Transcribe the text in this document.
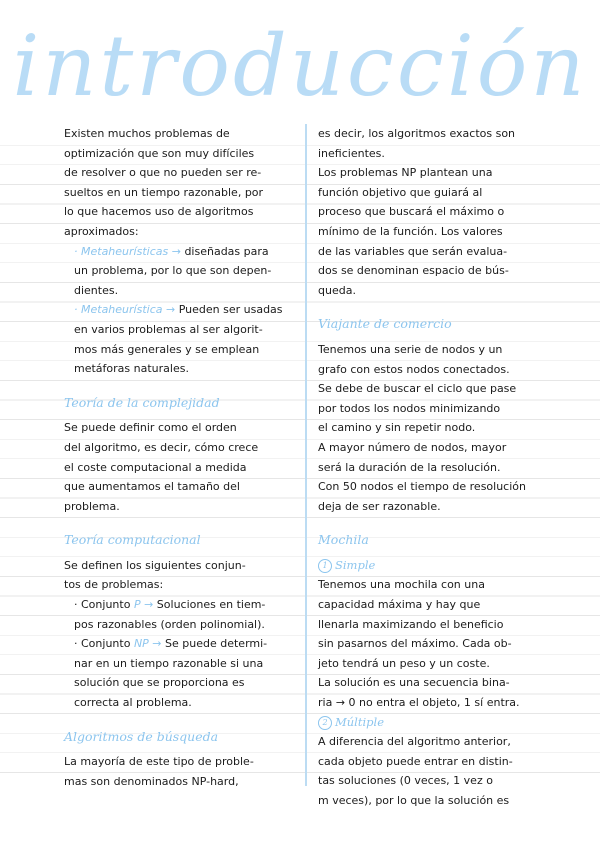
introducción

Existen muchos problemas de
optimización que son muy difíciles
de resolver o que no pueden ser re-
sueltos en un tiempo razonable, por
lo que hacemos uso de algoritmos
aproximados:

· Metaheurísticas → diseñadas para
un problema, por lo que son depen-
dientes.

· Metaheurística → Pueden ser usadas
en varios problemas al ser algorit-
mos más generales y se emplean
metáforas naturales.

Teoría de la complejidad

Se puede definir como el orden
del algoritmo, es decir, cómo crece
el coste computacional a medida
que aumentamos el tamaño del
problema.

Teoría computacional

Se definen los siguientes conjun-
tos de problemas:

· Conjunto P → Soluciones en tiem-
pos razonables (orden polinomial).

· Conjunto NP → Se puede determi-
nar en un tiempo razonable si una
solución que se proporciona es
correcta al problema.

Algoritmos de búsqueda

La mayoría de este tipo de proble-
mas son denominados NP-hard,

es decir, los algoritmos exactos son
ineficientes.
Los problemas NP plantean una
función objetivo que guiará al
proceso que buscará el máximo o
mínimo de la función. Los valores
de las variables que serán evalua-
dos se denominan espacio de bús-
queda.

Viajante de comercio

Tenemos una serie de nodos y un
grafo con estos nodos conectados.
Se debe de buscar el ciclo que pase
por todos los nodos minimizando
el camino y sin repetir nodo.
A mayor número de nodos, mayor
será la duración de la resolución.
Con 50 nodos el tiempo de resolución
deja de ser razonable.

Mochila
1 Simple

Tenemos una mochila con una
capacidad máxima y hay que
llenarla maximizando el beneficio
sin pasarnos del máximo. Cada ob-
jeto tendrá un peso y un coste.
La solución es una secuencia bina-
ria → 0 no entra el objeto, 1 sí entra.

2 Múltiple

A diferencia del algoritmo anterior,
cada objeto puede entrar en distin-
tas soluciones (0 veces, 1 vez o
m veces), por lo que la solución es
